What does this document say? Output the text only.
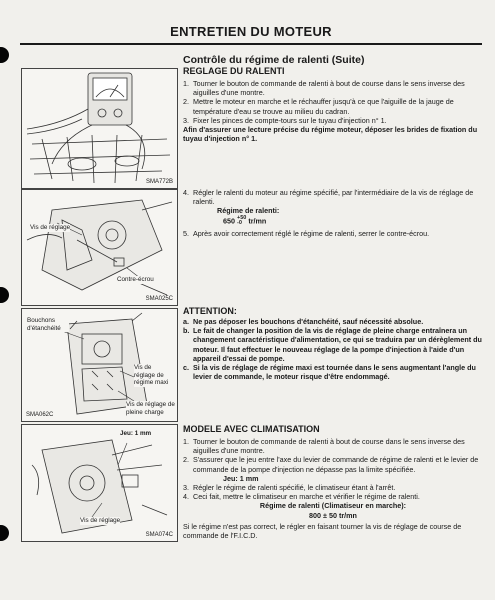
ENTRETIEN DU MOTEUR
SMA772B
Vis de réglage
Contre-écrou
SMA025C
Bouchons d'étanchéité
Vis de réglage de régime maxi
Vis de réglage de pleine charge
SMA062C
Jeu: 1 mm
Vis de réglage
SMA074C
Contrôle du régime de ralenti (Suite)
REGLAGE DU RALENTI
1. Tourner le bouton de commande de ralenti à bout de course dans le sens inverse des aiguilles d'une montre.
2. Mettre le moteur en marche et le réchauffer jusqu'à ce que l'aiguille de la jauge de température d'eau se trouve au milieu du cadran.
3. Fixer les pinces de compte-tours sur le tuyau d'injection n° 1.
Afin d'assurer une lecture précise du régime moteur, déposer les brides de fixation du tuyau d'injection n° 1.
4. Régler le ralenti du moteur au régime spécifié, par l'intermédiaire de la vis de réglage de ralenti.
Régime de ralenti:
650 +50
-0 tr/mn
5. Après avoir correctement réglé le régime de ralenti, serrer le contre-écrou.
ATTENTION:
a. Ne pas déposer les bouchons d'étanchéité, sauf nécessité absolue.
b. Le fait de changer la position de la vis de réglage de pleine charge entraînera un changement caractéristique d'alimentation, ce qui se traduira par un dérèglement du moteur. Il faut effectuer le nouveau réglage de la pompe d'injection à l'aide d'un appareil d'essai de pompe.
c. Si la vis de réglage de régime maxi est tournée dans le sens augmentant l'angle du levier de commande, le moteur risque d'être endommagé.
MODELE AVEC CLIMATISATION
1. Tourner le bouton de commande de ralenti à bout de course dans le sens inverse des aiguilles d'une montre.
2. S'assurer que le jeu entre l'axe du levier de commande de régime de ralenti et le levier de commande de la pompe d'injection ne dépasse pas la limite spécifiée.
Jeu: 1 mm
3. Régler le régime de ralenti spécifié, le climatiseur étant à l'arrêt.
4. Ceci fait, mettre le climatiseur en marche et vérifier le régime de ralenti.
Régime de ralenti (Climatiseur en marche):
800 ± 50 tr/mn
Si le régime n'est pas correct, le régler en faisant tourner la vis de réglage de course de commande de l'F.I.C.D.
